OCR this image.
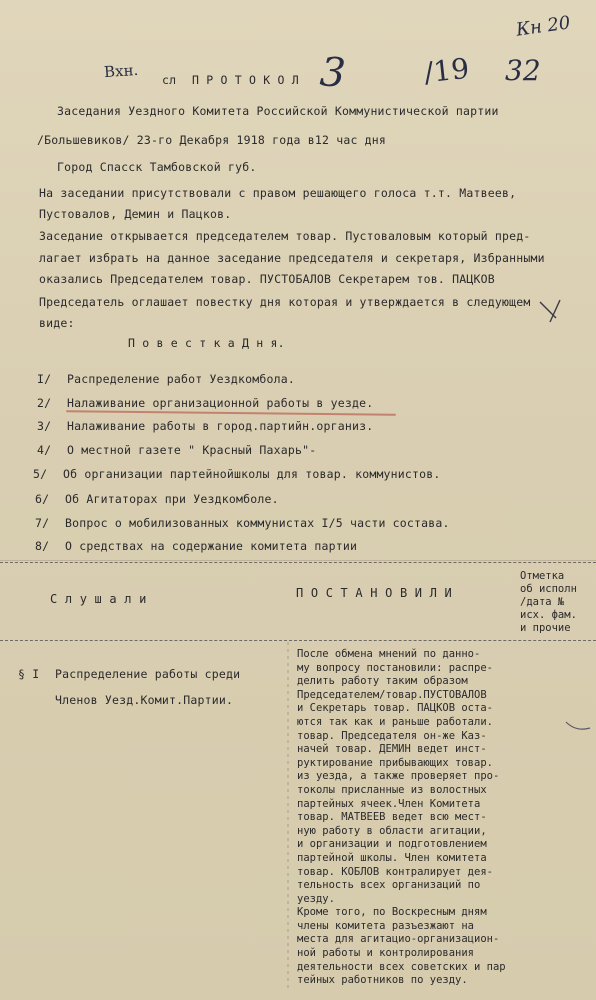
Вхн.	3	/19 32
Кн 20
сл П Р О Т О К О Л
Заседания Уездного Комитета Российской Коммунистической партии
/Большевиков/ 23-го Декабря 1918 года в12 час дня
Город Спасск Тамбовской губ.
На заседании присутствовали с правом решающего голоса т.т. Матвеев,
Пустовалов, Демин и Пацков.
Заседание открывается председателем товар. Пустоваловым который пред-
лагает избрать на данное заседание председателя и секретаря, Избранными
оказались Председателем товар. ПУСТОБАЛОВ Секретарем тов. ПАЦКОВ
Председатель оглашает повестку дня которая и утверждается в следующем
виде:
П о в е с т к а Д н я.
I/ Распределение работ Уездкомбола.
2/ Налаживание организационной работы в уезде.
3/ Налаживание работы в город.партийн.организ.
4/ О местной газете " Красный Пахарь"-
5/ Об организации партейнойшколы для товар. коммунистов.
6/ Об Агитаторах при Уездкомболе.
7/ Вопрос о мобилизованных коммунистах I/5 части состава.
8/ О средствах на содержание комитета партии
С л у ш а л и	П О С Т А Н О В И Л И
Отметка
об исполн
/дата №
исх. фам.
и прочие
§ I Распределение работы среди
Членов Уезд.Комит.Партии.
После обмена мнений по данно-
му вопросу постановили: распре-
делить работу таким образом
Председателем/товар.ПУСТОВАЛОВ
и Секретарь товар. ПАЦКОВ оста-
ются так как и раньше работали.
товар. Председателя он-же Каз-
начей товар. ДЕМИН ведет инст-
руктирование прибывающих товар.
из уезда, а также проверяет про-
токолы присланные из волостных
партейных ячеек.Член Комитета
товар. МАТВЕЕВ ведет всю мест-
ную работу в области агитации,
и организации и подготовлением
партейной школы. Член комитета
товар. КОБЛОВ контралирует дея-
тельность всех организаций по
уезду.
Кроме того, по Воскресным дням
члены комитета разъезжают на
места для агитацио-организацион-
ной работы и контролирования
деятельности всех советских и пар
тейных работников по уезду.
